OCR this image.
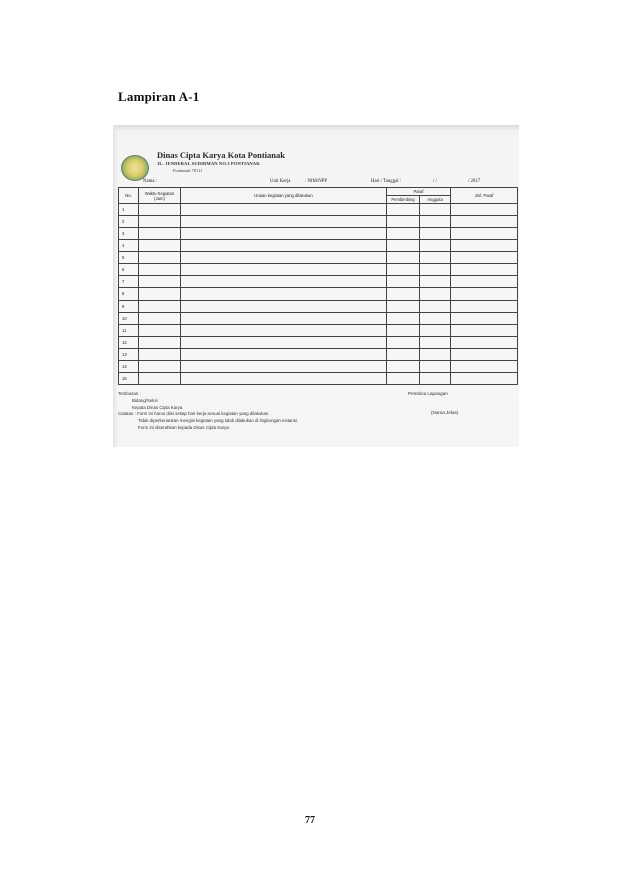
Lampiran A-1
Dinas Cipta Karya Kota Pontianak
JL. JENDERAL SUDIRMAN NO.3 PONTIANAK
Pontianak 78111
Nama :	Unit Kerja	: NIM/NPP	Hari / Tanggal :	/ /	/ 2017
No.	Waktu Kegiatan (Jam)	Uraian kegiatan yang dilakukan	Paraf		Jml. Paraf
			Pembimbing	Anggota	
1					
2					
3					
4					
5					
6					
7					
8					
9					
10					
11					
12					
13					
14					
15					
Tembusan :

Bidang/Seksi
Kepala Dinas Cipta Karya
Catatan : Form ini harus diisi setiap hari kerja sesuai kegiatan yang dilakukan.
Tidak diperkenankan mengisi kegiatan yang tidak dilakukan di lingkungan instansi.
Form ini diserahkan kepada Dinas Cipta Karya.
Pembina Lapangan
(Nama Jelas)
77
